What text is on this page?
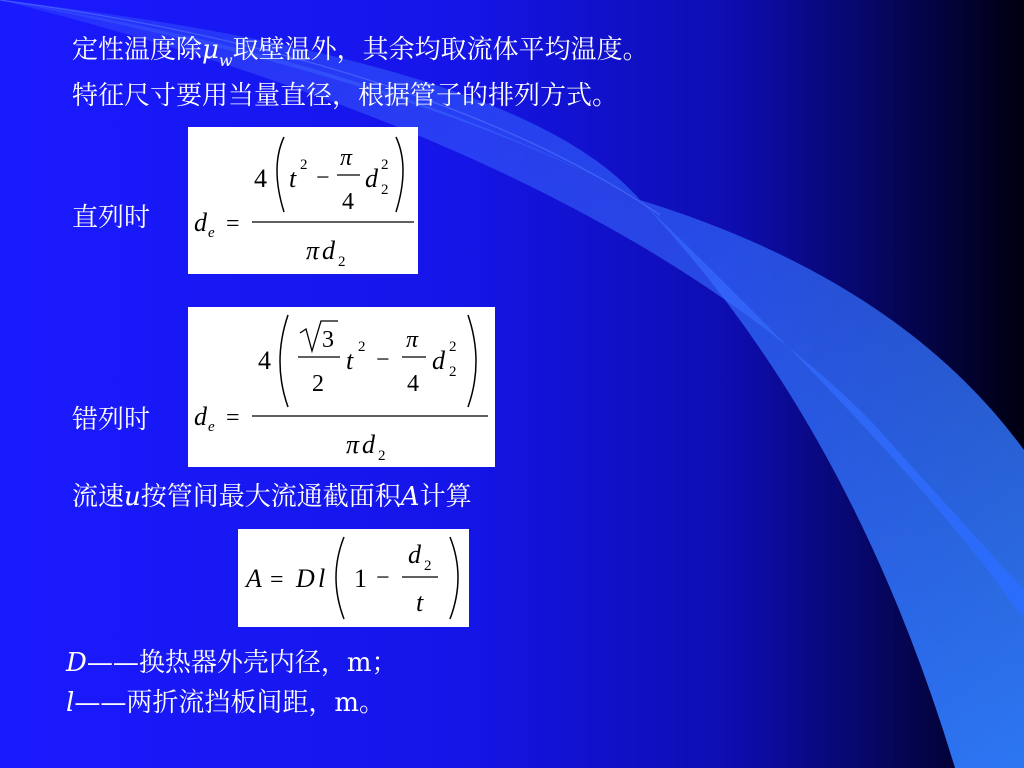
定性温度除$\mu_w$取壁温外，其余均取流体平均温度。
特征尺寸要用当量直径，根据管子的排列方式。
直列时 d e =
4 t 2 −
π
4
d 2
2
π d 2
错列时 d e =
4
3
2
t 2 −
π
4
d 2
2
π d 2
流速u按管间最大流通截面积A计算
A = D l 1 −
d 2
t
D——换热器外壳内径，m；
l——两折流挡板间距，m。
